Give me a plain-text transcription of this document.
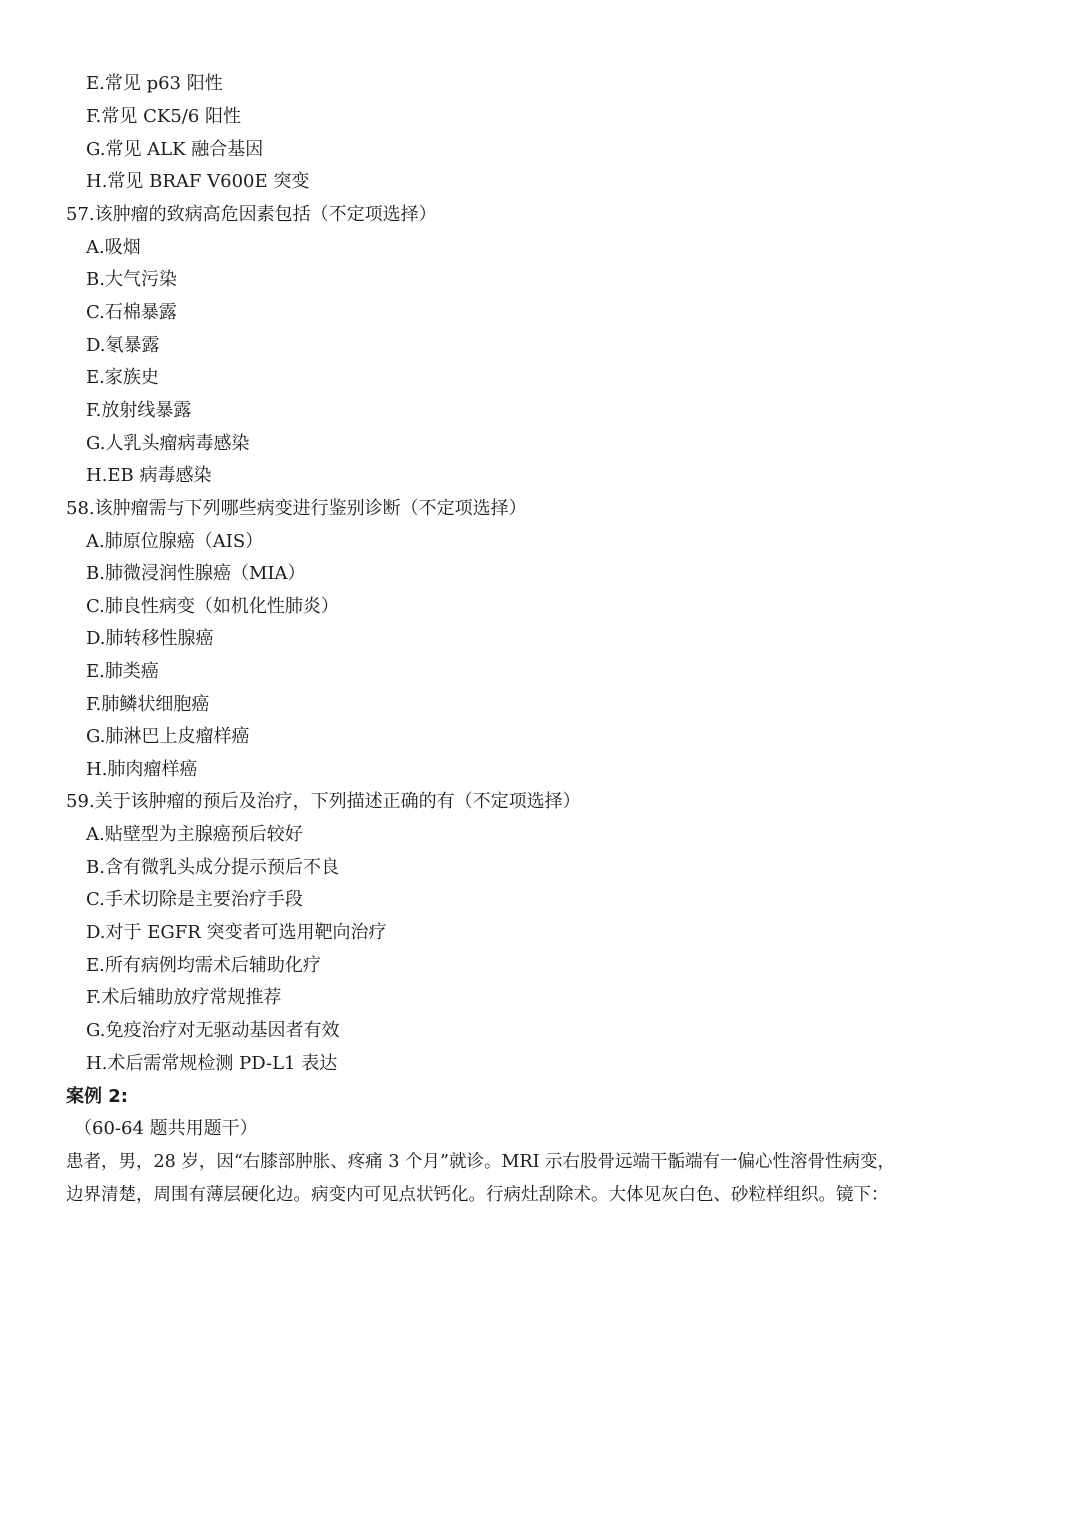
E.常见 p63 阳性
F.常见 CK5/6 阳性
G.常见 ALK 融合基因
H.常见 BRAF V600E 突变
57.该肿瘤的致病高危因素包括（不定项选择）
A.吸烟
B.大气污染
C.石棉暴露
D.氡暴露
E.家族史
F.放射线暴露
G.人乳头瘤病毒感染
H.EB 病毒感染
58.该肿瘤需与下列哪些病变进行鉴别诊断（不定项选择）
A.肺原位腺癌（AIS）
B.肺微浸润性腺癌（MIA）
C.肺良性病变（如机化性肺炎）
D.肺转移性腺癌
E.肺类癌
F.肺鳞状细胞癌
G.肺淋巴上皮瘤样癌
H.肺肉瘤样癌
59.关于该肿瘤的预后及治疗，下列描述正确的有（不定项选择）
A.贴壁型为主腺癌预后较好
B.含有微乳头成分提示预后不良
C.手术切除是主要治疗手段
D.对于 EGFR 突变者可选用靶向治疗
E.所有病例均需术后辅助化疗
F.术后辅助放疗常规推荐
G.免疫治疗对无驱动基因者有效
H.术后需常规检测 PD-L1 表达
案例 2:
（60-64 题共用题干）
患者，男，28 岁，因“右膝部肿胀、疼痛 3 个月”就诊。MRI 示右股骨远端干骺端有一偏心性溶骨性病变，
边界清楚，周围有薄层硬化边。病变内可见点状钙化。行病灶刮除术。大体见灰白色、砂粒样组织。镜下：
